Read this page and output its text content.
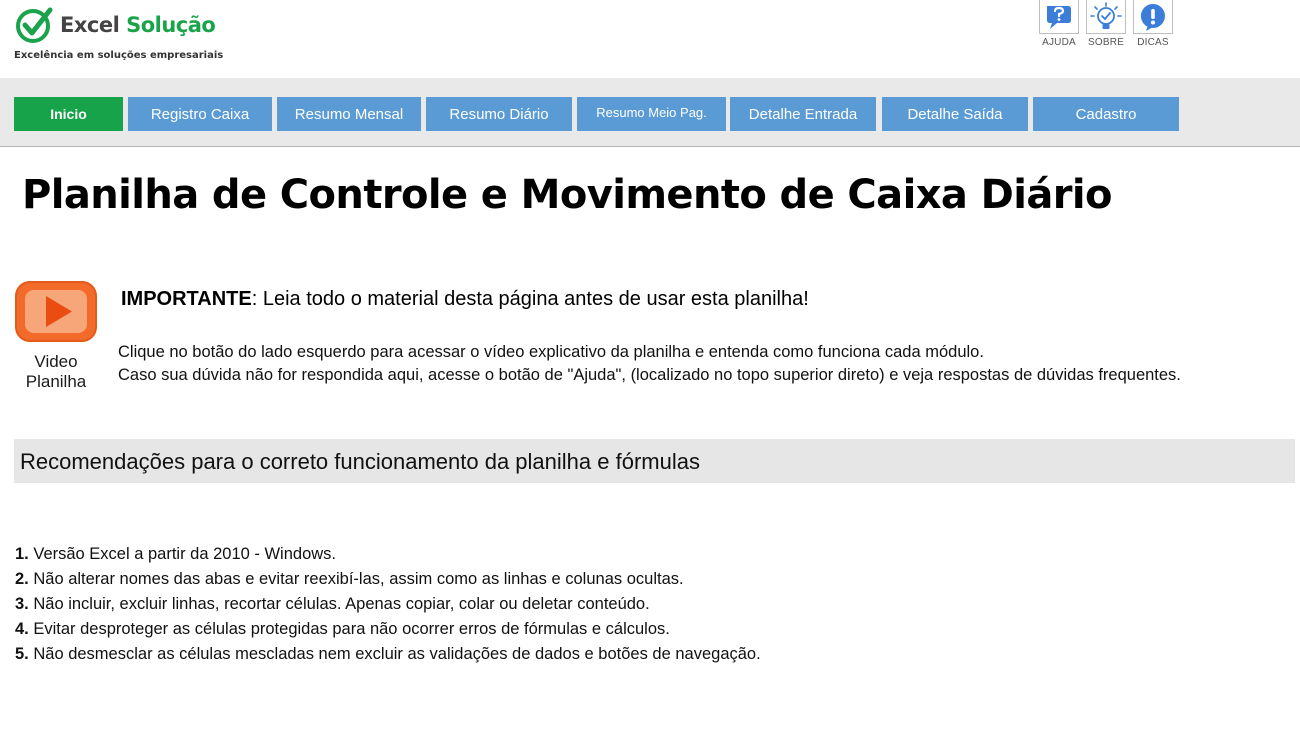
Excel Solução
Excelência em soluções empresariais
AJUDA	SOBRE	DICAS
Inicio	Registro Caixa	Resumo Mensal	Resumo Diário	Resumo Meio Pag.	Detalhe Entrada	Detalhe Saída	Cadastro
Planilha de Controle e Movimento de Caixa Diário
Video
Planilha
IMPORTANTE: Leia todo o material desta página antes de usar esta planilha!
Clique no botão do lado esquerdo para acessar o vídeo explicativo da planilha e entenda como funciona cada módulo.
Caso sua dúvida não for respondida aqui, acesse o botão de "Ajuda", (localizado no topo superior direto) e veja respostas de dúvidas frequentes.
Recomendações para o correto funcionamento da planilha e fórmulas
1. Versão Excel a partir da 2010 - Windows.
2. Não alterar nomes das abas e evitar reexibí-las, assim como as linhas e colunas ocultas.
3. Não incluir, excluir linhas, recortar células. Apenas copiar, colar ou deletar conteúdo.
4. Evitar desproteger as células protegidas para não ocorrer erros de fórmulas e cálculos.
5. Não desmesclar as células mescladas nem excluir as validações de dados e botões de navegação.
